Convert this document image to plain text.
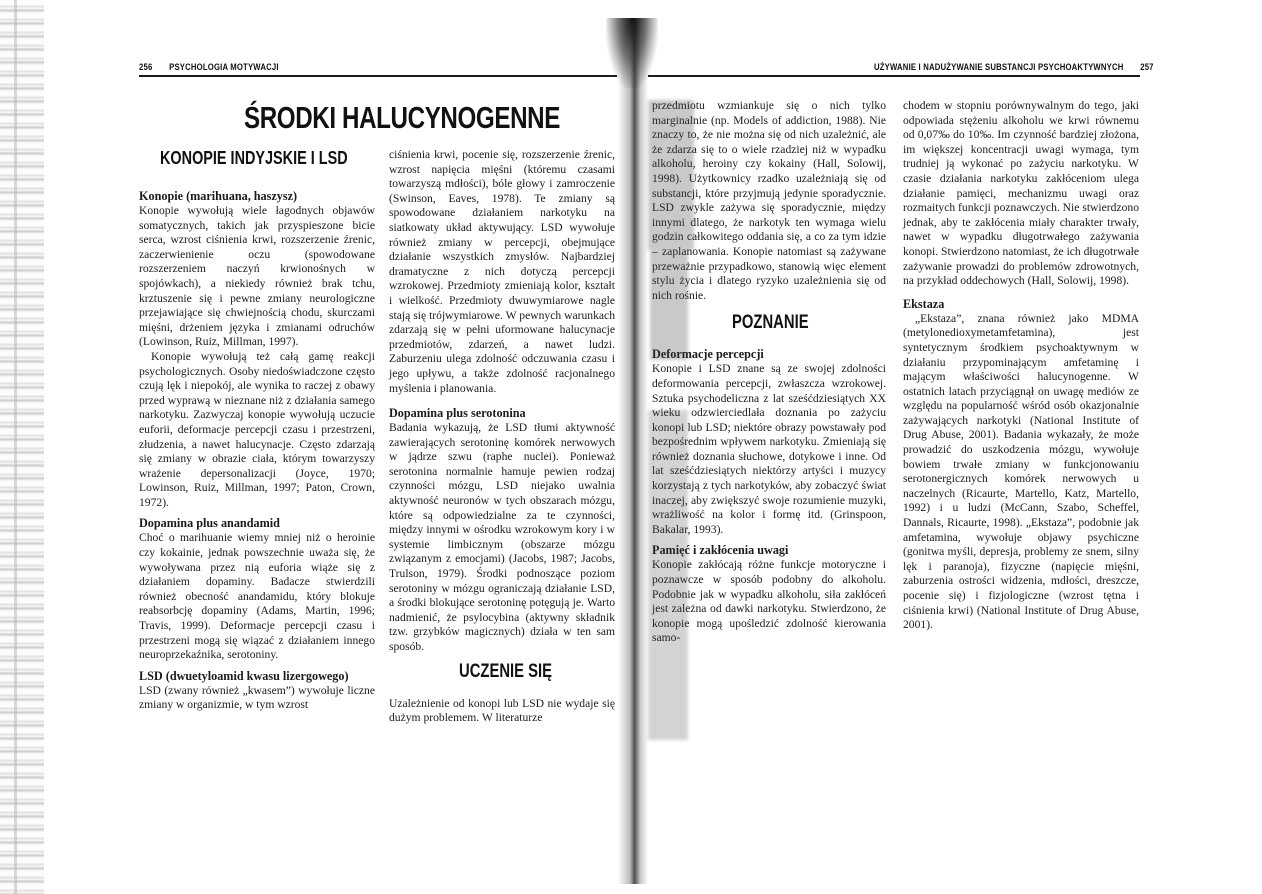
256 PSYCHOLOGIA MOTYWACJI	UŻYWANIE I NADUŻYWANIE SUBSTANCJI PSYCHOAKTYWNYCH 257
ŚRODKI HALUCYNOGENNE
KONOPIE INDYJSKIE I LSD
Konopie (marihuana, haszysz)

Konopie wywołują wiele łagodnych objawów somatycznych, takich jak przyspieszone bicie serca, wzrost ciśnienia krwi, rozszerzenie źrenic, zaczerwienienie oczu (spowodowane rozszerzeniem naczyń krwionośnych w spojówkach), a niekiedy również brak tchu, krztuszenie się i pewne zmiany neurologiczne przejawiające się chwiejnością chodu, skurczami mięśni, drżeniem języka i zmianami odruchów (Lowinson, Ruiz, Millman, 1997).

Konopie wywołują też całą gamę reakcji psychologicznych. Osoby niedoświadczone często czują lęk i niepokój, ale wynika to raczej z obawy przed wyprawą w nieznane niż z działania samego narkotyku. Zazwyczaj konopie wywołują uczucie euforii, deformacje percepcji czasu i przestrzeni, złudzenia, a nawet halucynacje. Często zdarzają się zmiany w obrazie ciała, którym towarzyszy wrażenie depersonalizacji (Joyce, 1970; Lowinson, Ruiz, Millman, 1997; Paton, Crown, 1972).

Dopamina plus anandamid

Choć o marihuanie wiemy mniej niż o heroinie czy kokainie, jednak powszechnie uważa się, że wywoływana przez nią euforia wiąże się z działaniem dopaminy. Badacze stwierdzili również obecność anandamidu, który blokuje reabsorbcję dopaminy (Adams, Martin, 1996; Travis, 1999). Deformacje percepcji czasu i przestrzeni mogą się wiązać z działaniem innego neuroprzekaźnika, serotoniny.

LSD (dwuetyloamid kwasu lizergowego)

LSD (zwany również „kwasem”) wywołuje liczne zmiany w organizmie, w tym wzrost

ciśnienia krwi, pocenie się, rozszerzenie źrenic, wzrost napięcia mięśni (któremu czasami towarzyszą mdłości), bóle głowy i zamroczenie (Swinson, Eaves, 1978). Te zmiany są spowodowane działaniem narkotyku na siatkowaty układ aktywujący. LSD wywołuje również zmiany w percepcji, obejmujące działanie wszystkich zmysłów. Najbardziej dramatyczne z nich dotyczą percepcji wzrokowej. Przedmioty zmieniają kolor, kształt i wielkość. Przedmioty dwuwymiarowe nagle stają się trójwymiarowe. W pewnych warunkach zdarzają się w pełni uformowane halucynacje przedmiotów, zdarzeń, a nawet ludzi. Zaburzeniu ulega zdolność odczuwania czasu i jego upływu, a także zdolność racjonalnego myślenia i planowania.

Dopamina plus serotonina

Badania wykazują, że LSD tłumi aktywność zawierających serotoninę komórek nerwowych w jądrze szwu (raphe nuclei). Ponieważ serotonina normalnie hamuje pewien rodzaj czynności mózgu, LSD niejako uwalnia aktywność neuronów w tych obszarach mózgu, które są odpowiedzialne za te czynności, między innymi w ośrodku wzrokowym kory i w systemie limbicznym (obszarze mózgu związanym z emocjami) (Jacobs, 1987; Jacobs, Trulson, 1979). Środki podnoszące poziom serotoniny w mózgu ograniczają działanie LSD, a środki blokujące serotoninę potęgują je. Warto nadmienić, że psylocybina (aktywny składnik tzw. grzybków magicznych) działa w ten sam sposób.

UCZENIE SIĘ

Uzależnienie od konopi lub LSD nie wydaje się dużym problemem. W literaturze

przedmiotu wzmiankuje się o nich tylko marginalnie (np. Models of addiction, 1988). Nie znaczy to, że nie można się od nich uzależnić, ale że zdarza się to o wiele rzadziej niż w wypadku alkoholu, heroiny czy kokainy (Hall, Solowij, 1998). Użytkownicy rzadko uzależniają się od substancji, które przyjmują jedynie sporadycznie. LSD zwykle zażywa się sporadycznie, między innymi dlatego, że narkotyk ten wymaga wielu godzin całkowitego oddania się, a co za tym idzie – zaplanowania. Konopie natomiast są zażywane przeważnie przypadkowo, stanowią więc element stylu życia i dlatego ryzyko uzależnienia się od nich rośnie.

POZNANIE
Deformacje percepcji

Konopie i LSD znane są ze swojej zdolności deformowania percepcji, zwłaszcza wzrokowej. Sztuka psychodeliczna z lat sześćdziesiątych XX wieku odzwierciedlała doznania po zażyciu konopi lub LSD; niektóre obrazy powstawały pod bezpośrednim wpływem narkotyku. Zmieniają się również doznania słuchowe, dotykowe i inne. Od lat sześćdziesiątych niektórzy artyści i muzycy korzystają z tych narkotyków, aby zobaczyć świat inaczej, aby zwiększyć swoje rozumienie muzyki, wrażliwość na kolor i formę itd. (Grinspoon, Bakalar, 1993).

Pamięć i zakłócenia uwagi

Konopie zakłócają różne funkcje motoryczne i poznawcze w sposób podobny do alkoholu. Podobnie jak w wypadku alkoholu, siła zakłóceń jest zależna od dawki narkotyku. Stwierdzono, że konopie mogą upośledzić zdolność kierowania samo-

chodem w stopniu porównywalnym do tego, jaki odpowiada stężeniu alkoholu we krwi równemu od 0,07‰ do 10‰. Im czynność bardziej złożona, im większej koncentracji uwagi wymaga, tym trudniej ją wykonać po zażyciu narkotyku. W czasie działania narkotyku zakłóceniom ulega działanie pamięci, mechanizmu uwagi oraz rozmaitych funkcji poznawczych. Nie stwierdzono jednak, aby te zakłócenia miały charakter trwały, nawet w wypadku długotrwałego zażywania konopi. Stwierdzono natomiast, że ich długotrwałe zażywanie prowadzi do problemów zdrowotnych, na przykład oddechowych (Hall, Solowij, 1998).

Ekstaza

„Ekstaza”, znana również jako MDMA (metylonedioxymetamfetamina), jest syntetycznym środkiem psychoaktywnym w działaniu przypominającym amfetaminę i mającym właściwości halucynogenne. W ostatnich latach przyciągnął on uwagę mediów ze względu na popularność wśród osób okazjonalnie zażywających narkotyki (National Institute of Drug Abuse, 2001). Badania wykazały, że może prowadzić do uszkodzenia mózgu, wywołuje bowiem trwałe zmiany w funkcjonowaniu serotonergicznych komórek nerwowych u naczelnych (Ricaurte, Martello, Katz, Martello, 1992) i u ludzi (McCann, Szabo, Scheffel, Dannals, Ricaurte, 1998). „Ekstaza”, podobnie jak amfetamina, wywołuje objawy psychiczne (gonitwa myśli, depresja, problemy ze snem, silny lęk i paranoja), fizyczne (napięcie mięśni, zaburzenia ostrości widzenia, mdłości, dreszcze, pocenie się) i fizjologiczne (wzrost tętna i ciśnienia krwi) (National Institute of Drug Abuse, 2001).
